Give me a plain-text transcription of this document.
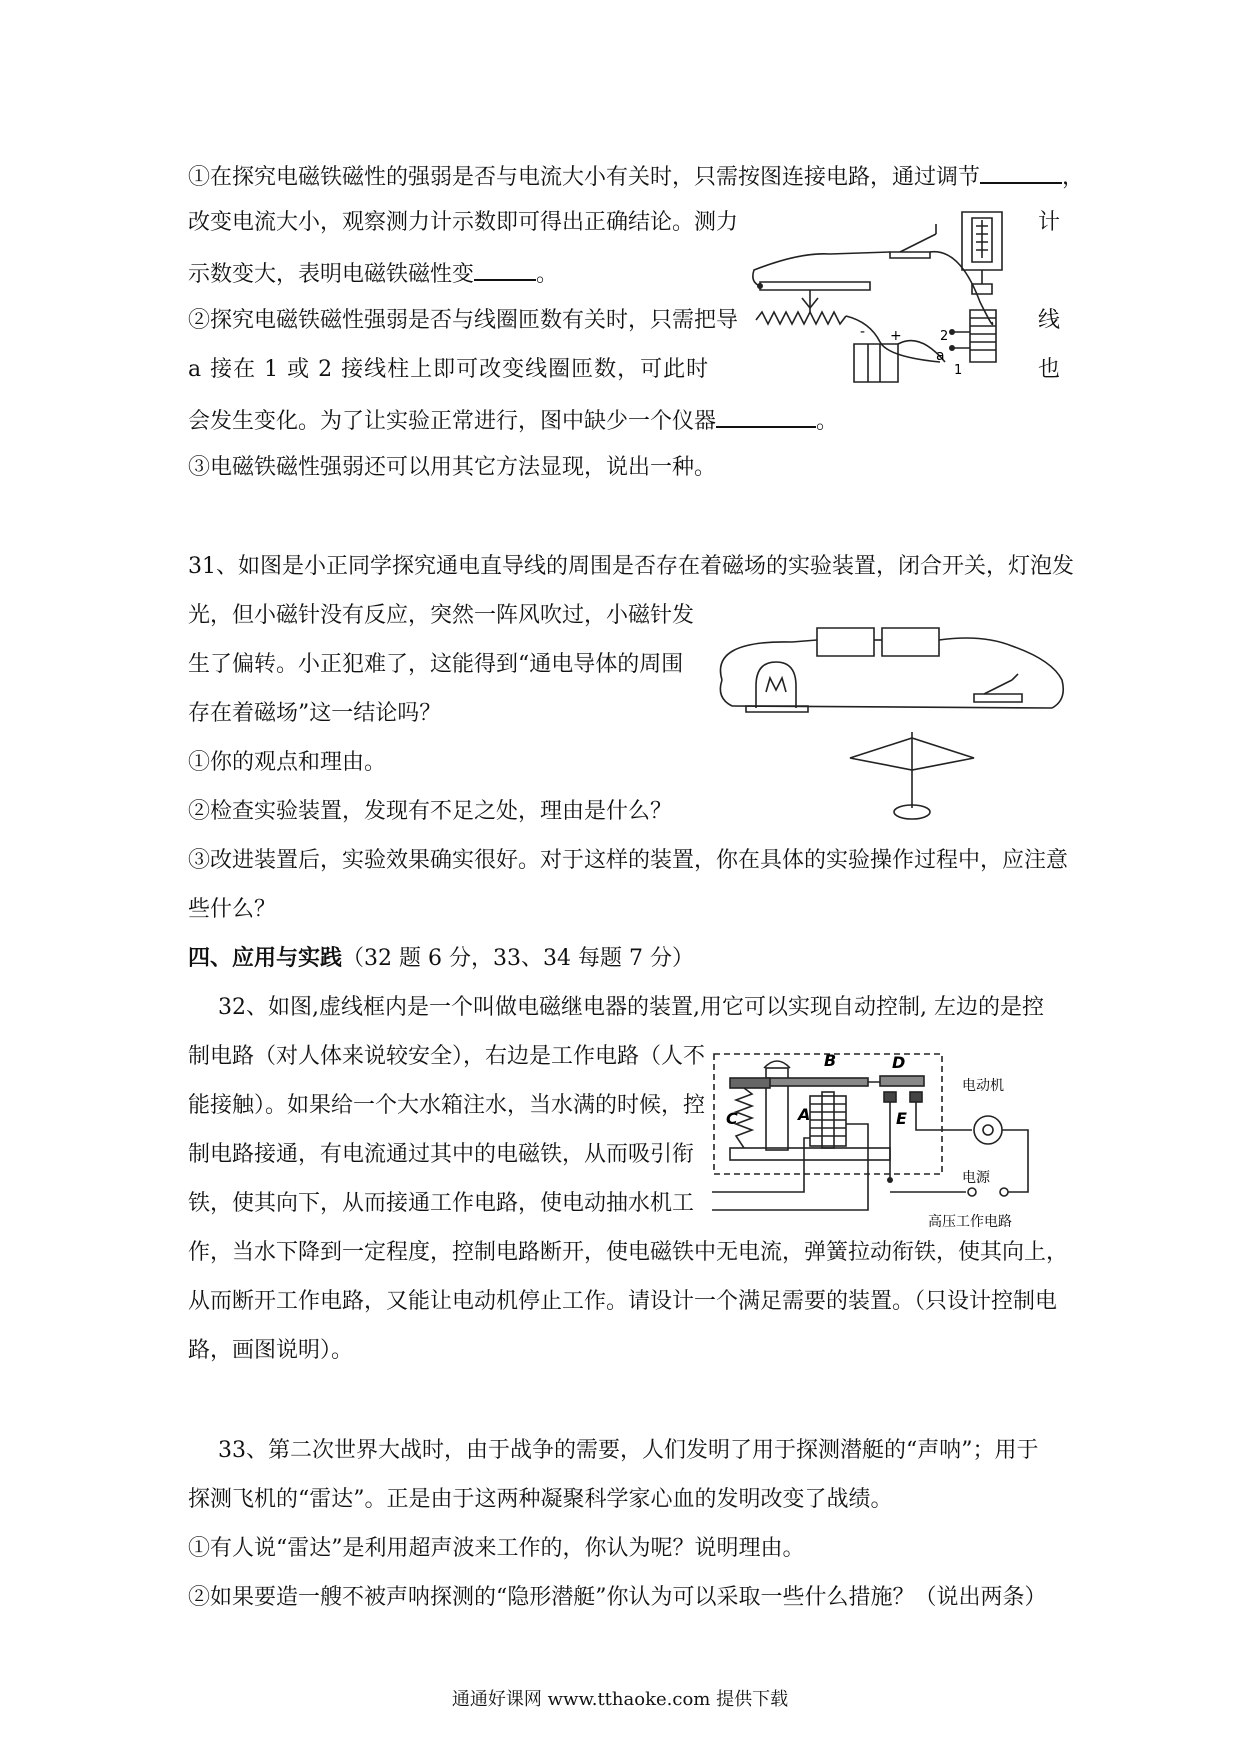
①在探究电磁铁磁性的强弱是否与电流大小有关时，只需按图连接电路，通过调节	，
改变电流大小，观察测力计示数即可得出正确结论。测力	计
示数变大，表明电磁铁磁性变	。
②探究电磁铁磁性强弱是否与线圈匝数有关时，只需把导	线
a 接在 1 或 2 接线柱上即可改变线圈匝数，可此时	也
会发生变化。为了让实验正常进行，图中缺少一个仪器	。
③电磁铁磁性强弱还可以用其它方法显现，说出一种。
- +
a
2
1
31、如图是小正同学探究通电直导线的周围是否存在着磁场的实验装置，闭合开关，灯泡发
光，但小磁针没有反应，突然一阵风吹过，小磁针发
生了偏转。小正犯难了，这能得到“通电导体的周围
存在着磁场”这一结论吗？
①你的观点和理由。
②检查实验装置，发现有不足之处，理由是什么？
③改进装置后，实验效果确实很好。对于这样的装置，你在具体的实验操作过程中，应注意
些什么？
四、应用与实践（32 题 6 分，33、34 每题 7 分）
32、如图,虚线框内是一个叫做电磁继电器的装置,用它可以实现自动控制, 左边的是控
制电路（对人体来说较安全），右边是工作电路（人不
能接触）。如果给一个大水箱注水，当水满的时候，控
制电路接通，有电流通过其中的电磁铁，从而吸引衔
铁，使其向下，从而接通工作电路，使电动抽水机工
作，当水下降到一定程度，控制电路断开，使电磁铁中无电流，弹簧拉动衔铁，使其向上，
从而断开工作电路，又能让电动机停止工作。请设计一个满足需要的装置。（只设计控制电
路，画图说明）。
B
C	A
D
E
电动机
电源
高压工作电路
33、第二次世界大战时，由于战争的需要，人们发明了用于探测潜艇的“声呐”；用于
探测飞机的“雷达”。正是由于这两种凝聚科学家心血的发明改变了战绩。
①有人说“雷达”是利用超声波来工作的，你认为呢？说明理由。
②如果要造一艘不被声呐探测的“隐形潜艇”你认为可以采取一些什么措施？（说出两条）
通通好课网 www.tthaoke.com 提供下载
